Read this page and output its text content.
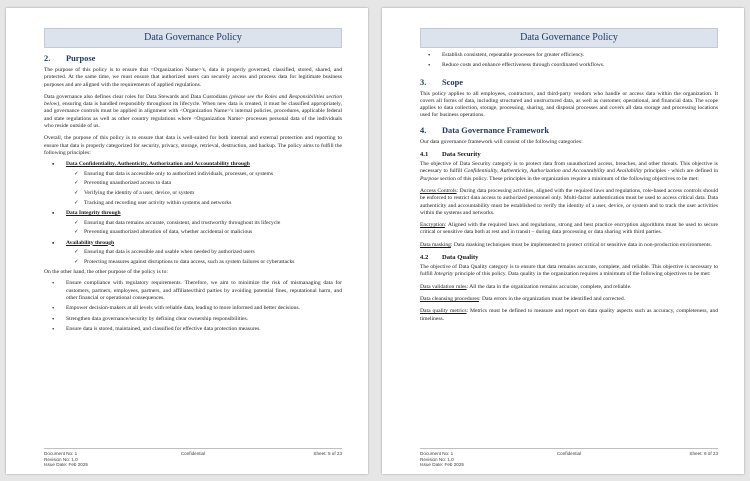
Data Governance Policy
2. Purpose

The purpose of this policy is to ensure that <Organization Name>'s, data is properly governed, classified, stored, shared, and protected. At the same time, we must ensure that authorized users can securely access and process data for legitimate business purposes and are aligned with the requirements of applied regulations.

Data governance also defines clear roles for Data Stewards and Data Custodians (please see the Roles and Responsibilities section below), ensuring data is handled responsibly throughout its lifecycle. When new data is created, it must be classified appropriately, and governance controls must be applied in alignment with <Organization Name>'s internal policies, procedures, applicable federal and state regulations as well as other country regulations where <Organization Name> processes personal data of the individuals who reside outside of us.

Overall, the purpose of this policy is to ensure that data is well-suited for both internal and external protection and reporting to ensure that data is properly categorized for security, privacy, storage, retrieval, destruction, and backup. The policy aims to fulfill the following principles:

• Data Confidentiality, Authenticity, Authorization and Accountability through
✓ Ensuring that data is accessible only to authorized individuals, processes, or systems
✓ Preventing unauthorized access to data
✓ Verifying the identity of a user, device, or system
✓ Tracking and recording user activity within systems and networks
• Data Integrity through
✓ Ensuring that data remains accurate, consistent, and trustworthy throughout its lifecycle
✓ Preventing unauthorized alteration of data, whether accidental or malicious
• Availability through
✓ Ensuring that data is accessible and usable when needed by authorized users
✓ Protecting measures against disruptions to data access, such as system failures or cyberattacks

On the other hand, the other purpose of the policy is to:

• Ensure compliance with regulatory requirements. Therefore, we aim to minimize the risk of mismanaging data for customers, partners, employees, partners, and affiliates/third parties by avoiding potential fines, reputational harm, and other financial or operational consequences.
• Empower decision-makers at all levels with reliable data, leading to more informed and better decisions.
• Strengthen data governance/security by defining clear ownership responsibilities.
• Ensure data is stored, maintained, and classified for effective data protection measures.
Document No: 1
Revision No: 1.0
Issue Date: Feb 2025
Confidential	Sheet: 5 of 23
Data Governance Policy
• Establish consistent, repeatable processes for greater efficiency.
• Reduce costs and enhance effectiveness through coordinated workflows.
3. Scope

This policy applies to all employees, contractors, and third-party vendors who handle or access data within the organization. It covers all forms of data, including structured and unstructured data, as well as customer, operational, and financial data. The scope applies to data collection, storage, processing, sharing, and disposal processes and covers all data storage and processing locations used for business operations.

4. Data Governance Framework

Our data governance framework will consist of the following categories:

4.1 Data Security

The objective of Data Security category is to protect data from unauthorized access, breaches, and other threats. This objective is necessary to fulfill Confidentiality, Authenticity, Authorization and Accountability and Availability principles - which are defined in Purpose section of this policy. These principles in the organization require a minimum of the following objectives to be met:

Access Controls: During data processing activities, aligned with the required laws and regulations, role-based access controls should be enforced to restrict data access to authorized personnel only. Multi-factor authentication must be used to access critical data. Data authenticity and accountability must be established to verify the identity of a user, device, or system and to track the user activities within the systems and networks.

Encryption: Aligned with the required laws and regulations, strong and best practice encryption algorithms must be used to secure critical or sensitive data both at rest and in transit – during data processing or data sharing with third parties.

Data masking: Data masking techniques must be implemented to protect critical or sensitive data in non-production environments.

4.2 Data Quality

The objective of Data Quality category is to ensure that data remains accurate, complete, and reliable. This objective is necessary to fulfill Integrity principle of this policy. Data quality in the organization requires a minimum of the following objectives to be met:

Data validation rules: All the data in the organization remains accurate, complete, and reliable.

Data cleansing procedures: Data errors in the organization must be identified and corrected.

Data quality metrics: Metrics must be defined to measure and report on data quality aspects such as accuracy, completeness, and timeliness.

Document No: 1
Revision No: 1.0
Issue Date: Feb 2025
Confidential	Sheet: 6 of 23
